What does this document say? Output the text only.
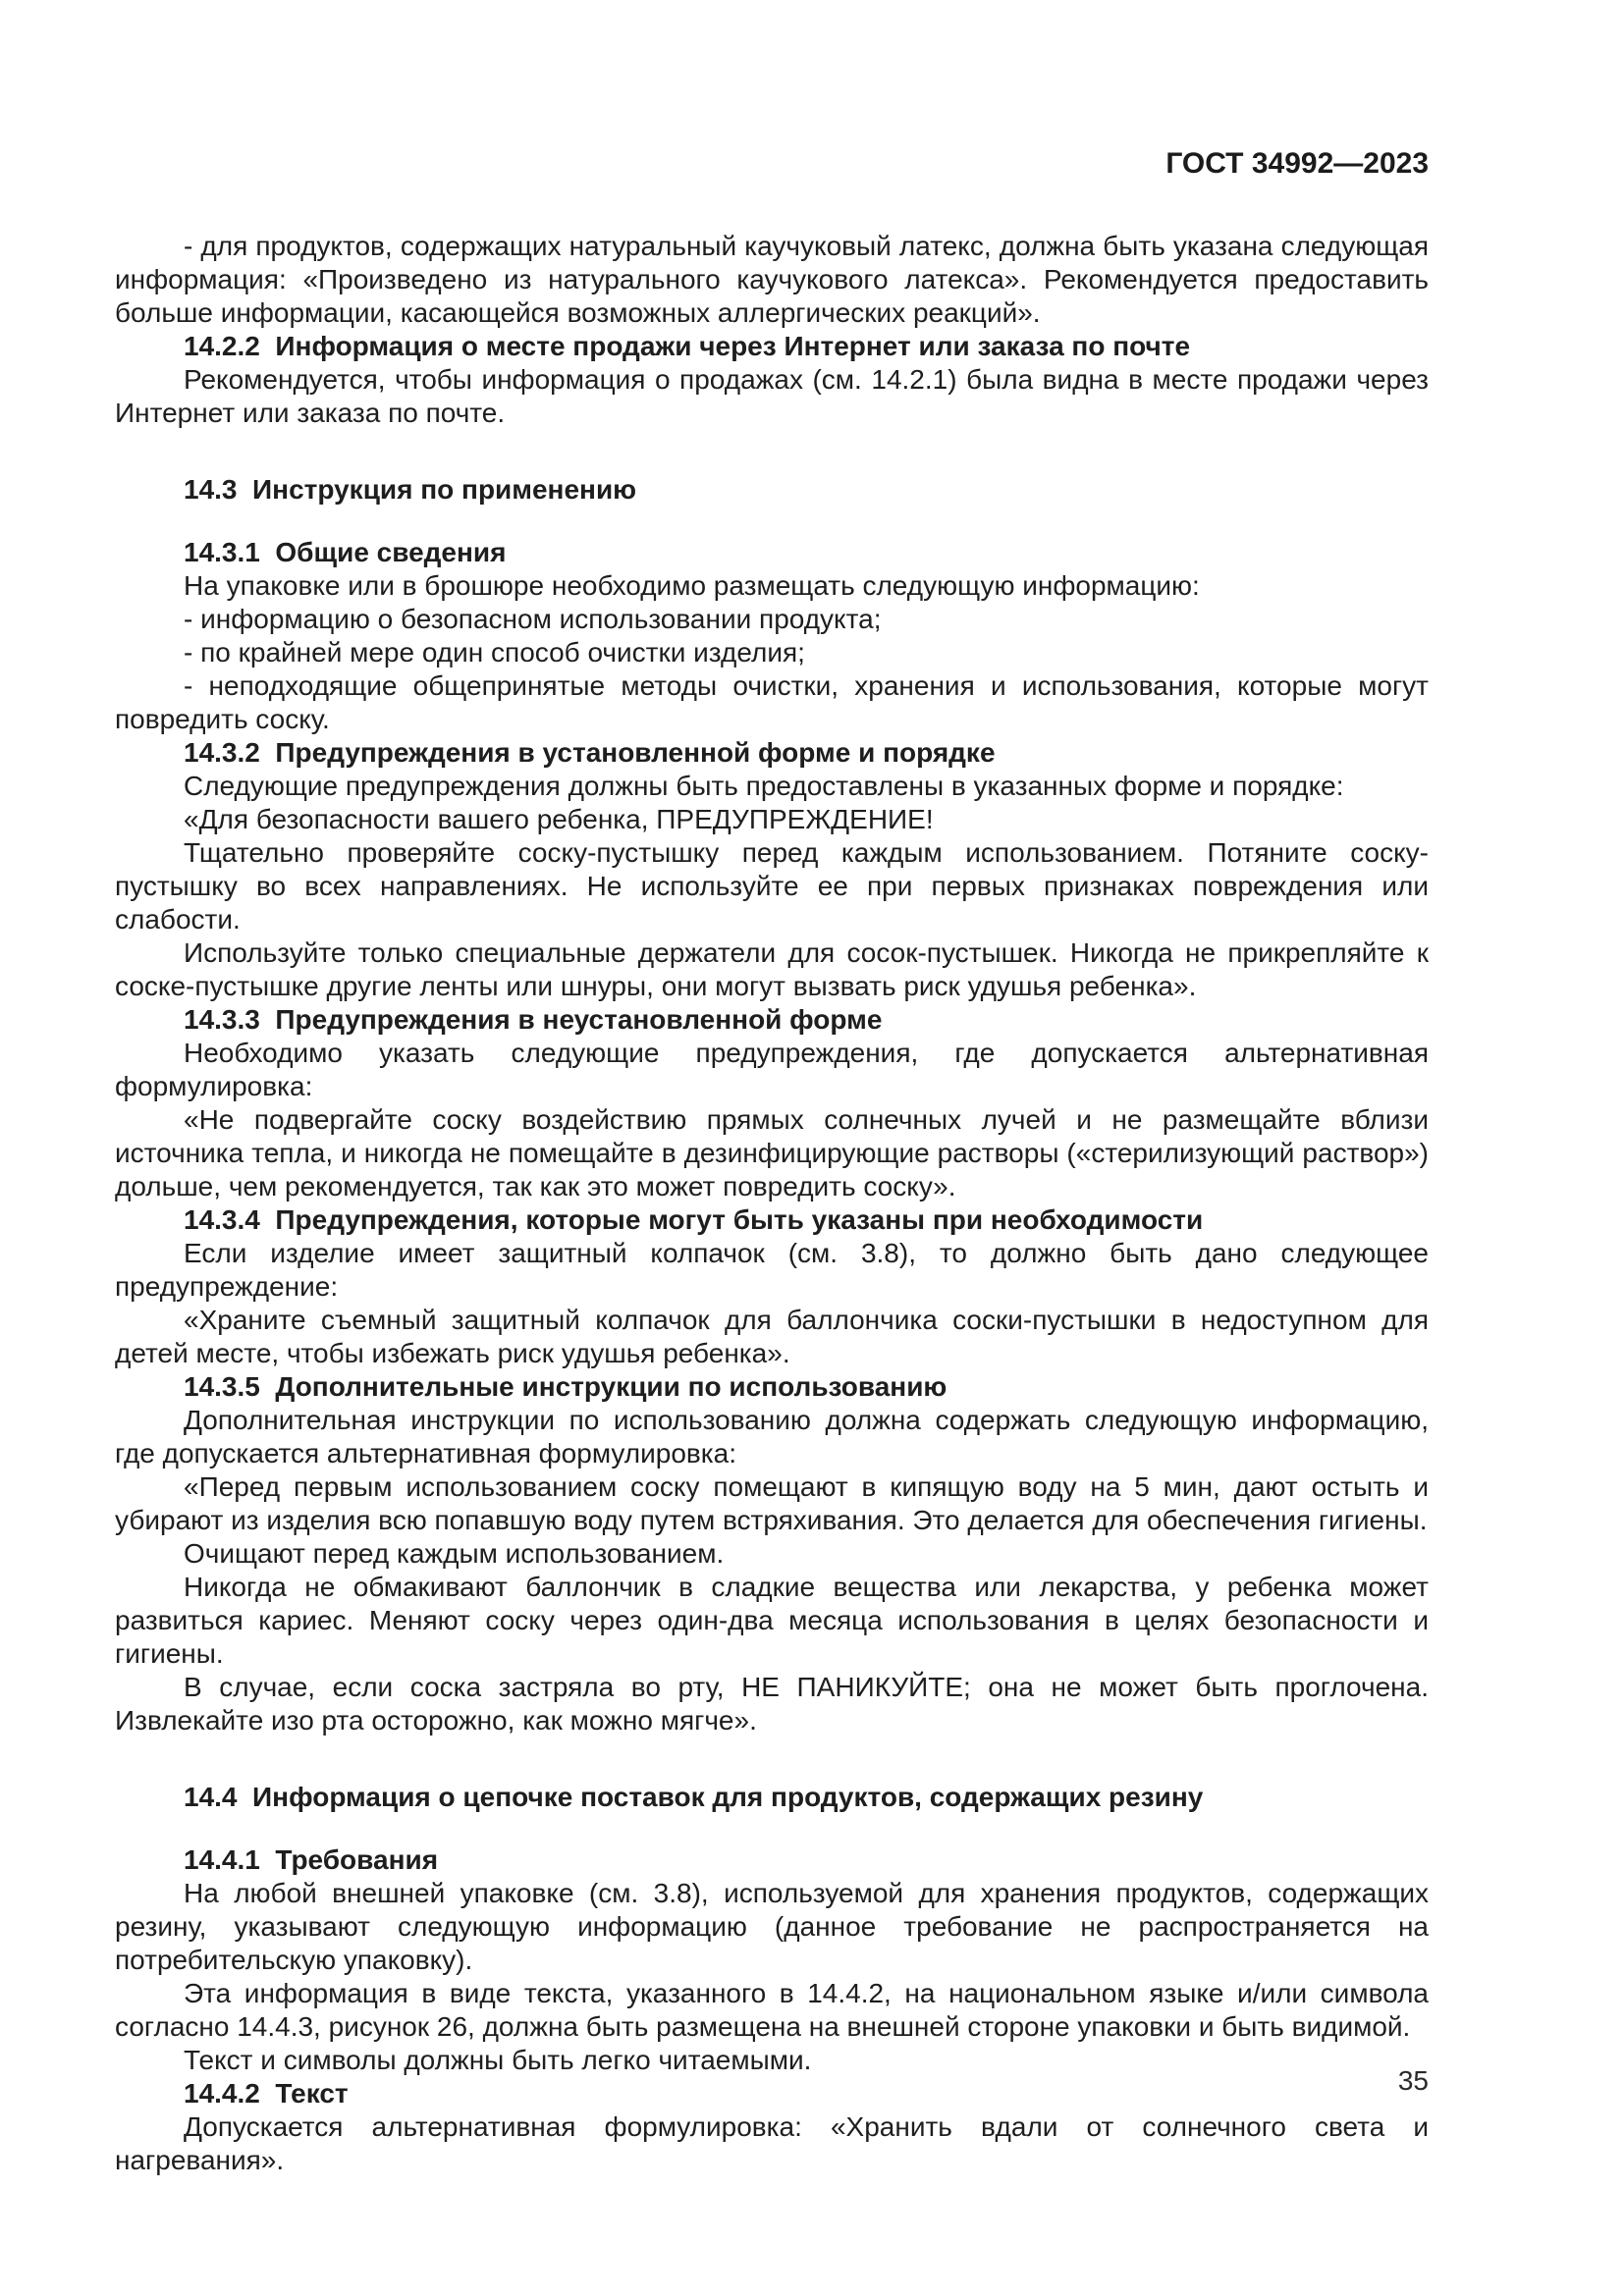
ГОСТ 34992—2023

- для продуктов, содержащих натуральный каучуковый латекс, должна быть указана следующая информация: «Произведено из натурального каучукового латекса». Рекомендуется предоставить больше информации, касающейся возможных аллергических реакций».

14.2.2  Информация о месте продажи через Интернет или заказа по почте

Рекомендуется, чтобы информация о продажах (см. 14.2.1) была видна в месте продажи через Интернет или заказа по почте.

14.3  Инструкция по применению

14.3.1  Общие сведения

На упаковке или в брошюре необходимо размещать следующую информацию:

- информацию о безопасном использовании продукта;

- по крайней мере один способ очистки изделия;

- неподходящие общепринятые методы очистки, хранения и использования, которые могут повредить соску.

14.3.2  Предупреждения в установленной форме и порядке

Следующие предупреждения должны быть предоставлены в указанных форме и порядке:

«Для безопасности вашего ребенка, ПРЕДУПРЕЖДЕНИЕ!

Тщательно проверяйте соску-пустышку перед каждым использованием. Потяните соску-пустышку во всех направлениях. Не используйте ее при первых признаках повреждения или слабости.

Используйте только специальные держатели для сосок-пустышек. Никогда не прикрепляйте к соске-пустышке другие ленты или шнуры, они могут вызвать риск удушья ребенка».

14.3.3  Предупреждения в неустановленной форме

Необходимо указать следующие предупреждения, где допускается альтернативная формулировка:

«Не подвергайте соску воздействию прямых солнечных лучей и не размещайте вблизи источника тепла, и никогда не помещайте в дезинфицирующие растворы («стерилизующий раствор») дольше, чем рекомендуется, так как это может повредить соску».

14.3.4  Предупреждения, которые могут быть указаны при необходимости

Если изделие имеет защитный колпачок (см. 3.8), то должно быть дано следующее предупреждение:

«Храните съемный защитный колпачок для баллончика соски-пустышки в недоступном для детей месте, чтобы избежать риск удушья ребенка».

14.3.5  Дополнительные инструкции по использованию

Дополнительная инструкции по использованию должна содержать следующую информацию, где допускается альтернативная формулировка:

«Перед первым использованием соску помещают в кипящую воду на 5 мин, дают остыть и убирают из изделия всю попавшую воду путем встряхивания. Это делается для обеспечения гигиены.

Очищают перед каждым использованием.

Никогда не обмакивают баллончик в сладкие вещества или лекарства, у ребенка может развиться кариес. Меняют соску через один-два месяца использования в целях безопасности и гигиены.

В случае, если соска застряла во рту, НЕ ПАНИКУЙТЕ; она не может быть проглочена. Извлекайте изо рта осторожно, как можно мягче».

14.4  Информация о цепочке поставок для продуктов, содержащих резину

14.4.1  Требования

На любой внешней упаковке (см. 3.8), используемой для хранения продуктов, содержащих резину, указывают следующую информацию (данное требование не распространяется на потребительскую упаковку).

Эта информация в виде текста, указанного в 14.4.2, на национальном языке и/или символа согласно 14.4.3, рисунок 26, должна быть размещена на внешней стороне упаковки и быть видимой.

Текст и символы должны быть легко читаемыми.

14.4.2  Текст

Допускается альтернативная формулировка: «Хранить вдали от солнечного света и нагревания».

35
